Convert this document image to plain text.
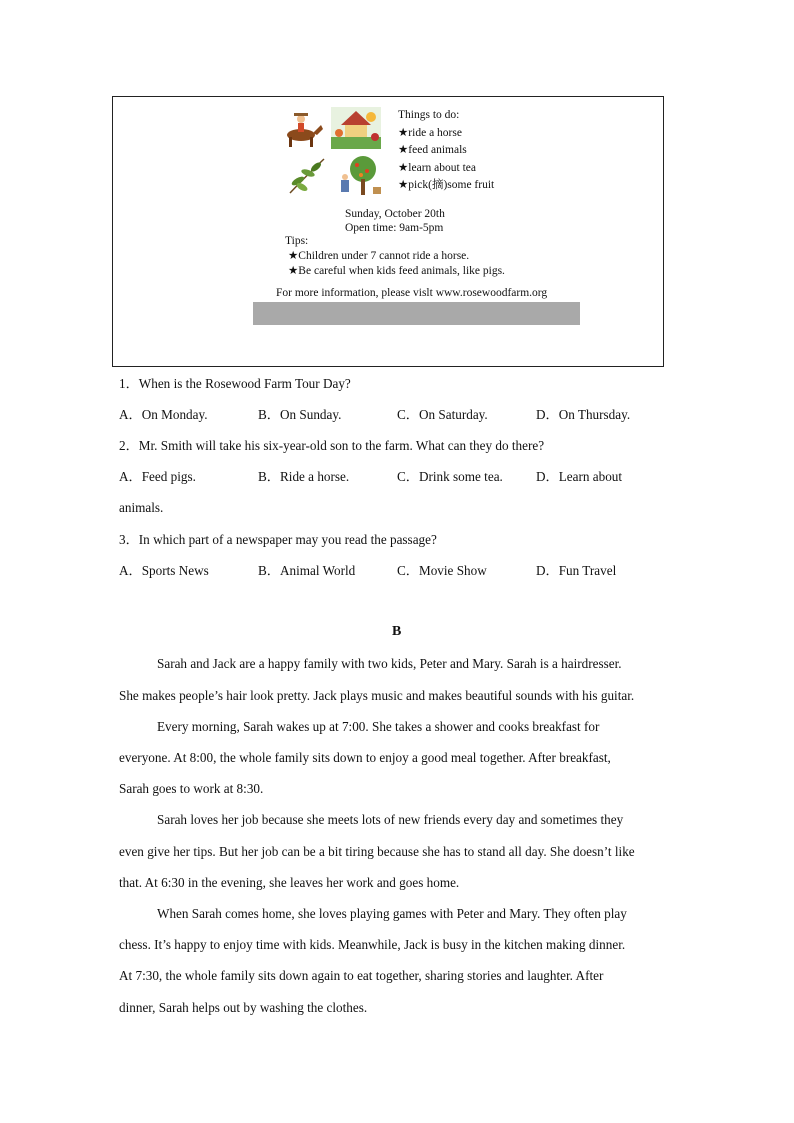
Things to do:
★ride a horse
★feed animals
★learn about tea
★pick(摘)some fruit
Sunday, October 20th
Open time: 9am-5pm
Tips:
★Children under 7 cannot ride a horse.
★Be careful when kids feed animals, like pigs.
For more information, please vislt www.rosewoodfarm.org
1．When is the Rosewood Farm Tour Day?
A．On Monday.	B．On Sunday.	C．On Saturday.	D．On Thursday.
2．Mr. Smith will take his six-year-old son to the farm. What can they do there?
A．Feed pigs.	B．Ride a horse.	C．Drink some tea.	D．Learn about
animals.
3．In which part of a newspaper may you read the passage?
A．Sports News	B．Animal World	C．Movie Show	D．Fun Travel
B
Sarah and Jack are a happy family with two kids, Peter and Mary. Sarah is a hairdresser.
She makes people’s hair look pretty. Jack plays music and makes beautiful sounds with his guitar.
Every morning, Sarah wakes up at 7:00. She takes a shower and cooks breakfast for
everyone. At 8:00, the whole family sits down to enjoy a good meal together. After breakfast,
Sarah goes to work at 8:30.
Sarah loves her job because she meets lots of new friends every day and sometimes they
even give her tips. But her job can be a bit tiring because she has to stand all day. She doesn’t like
that. At 6:30 in the evening, she leaves her work and goes home.
When Sarah comes home, she loves playing games with Peter and Mary. They often play
chess. It’s happy to enjoy time with kids. Meanwhile, Jack is busy in the kitchen making dinner.
At 7:30, the whole family sits down again to eat together, sharing stories and laughter. After
dinner, Sarah helps out by washing the clothes.
